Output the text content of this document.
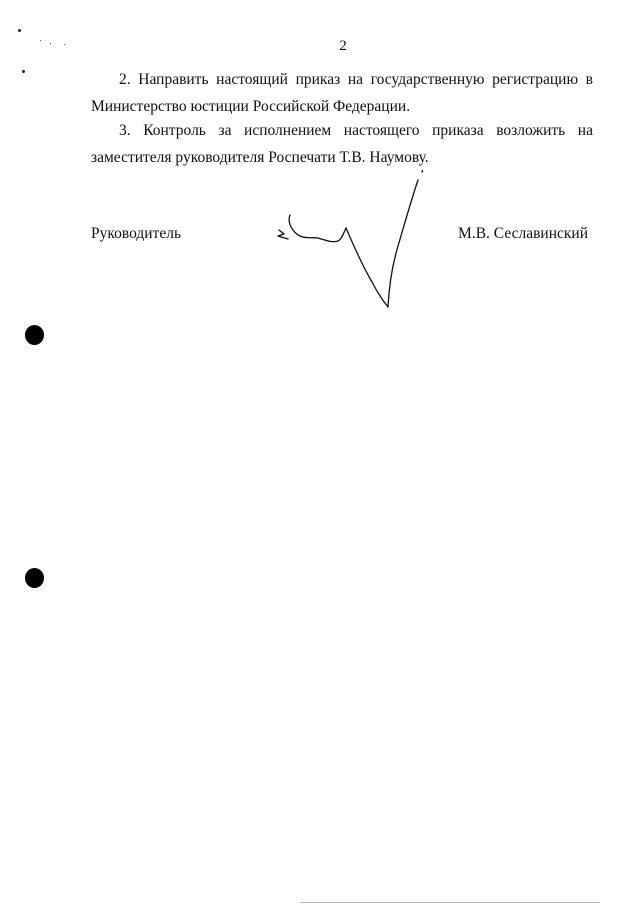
2
2. Направить настоящий приказ на государственную регистрацию в
Министерство юстиции Российской Федерации.
3. Контроль за исполнением настоящего приказа возложить на
заместителя руководителя Роспечати Т.В. Наумову.
Руководитель	М.В. Сеславинский
